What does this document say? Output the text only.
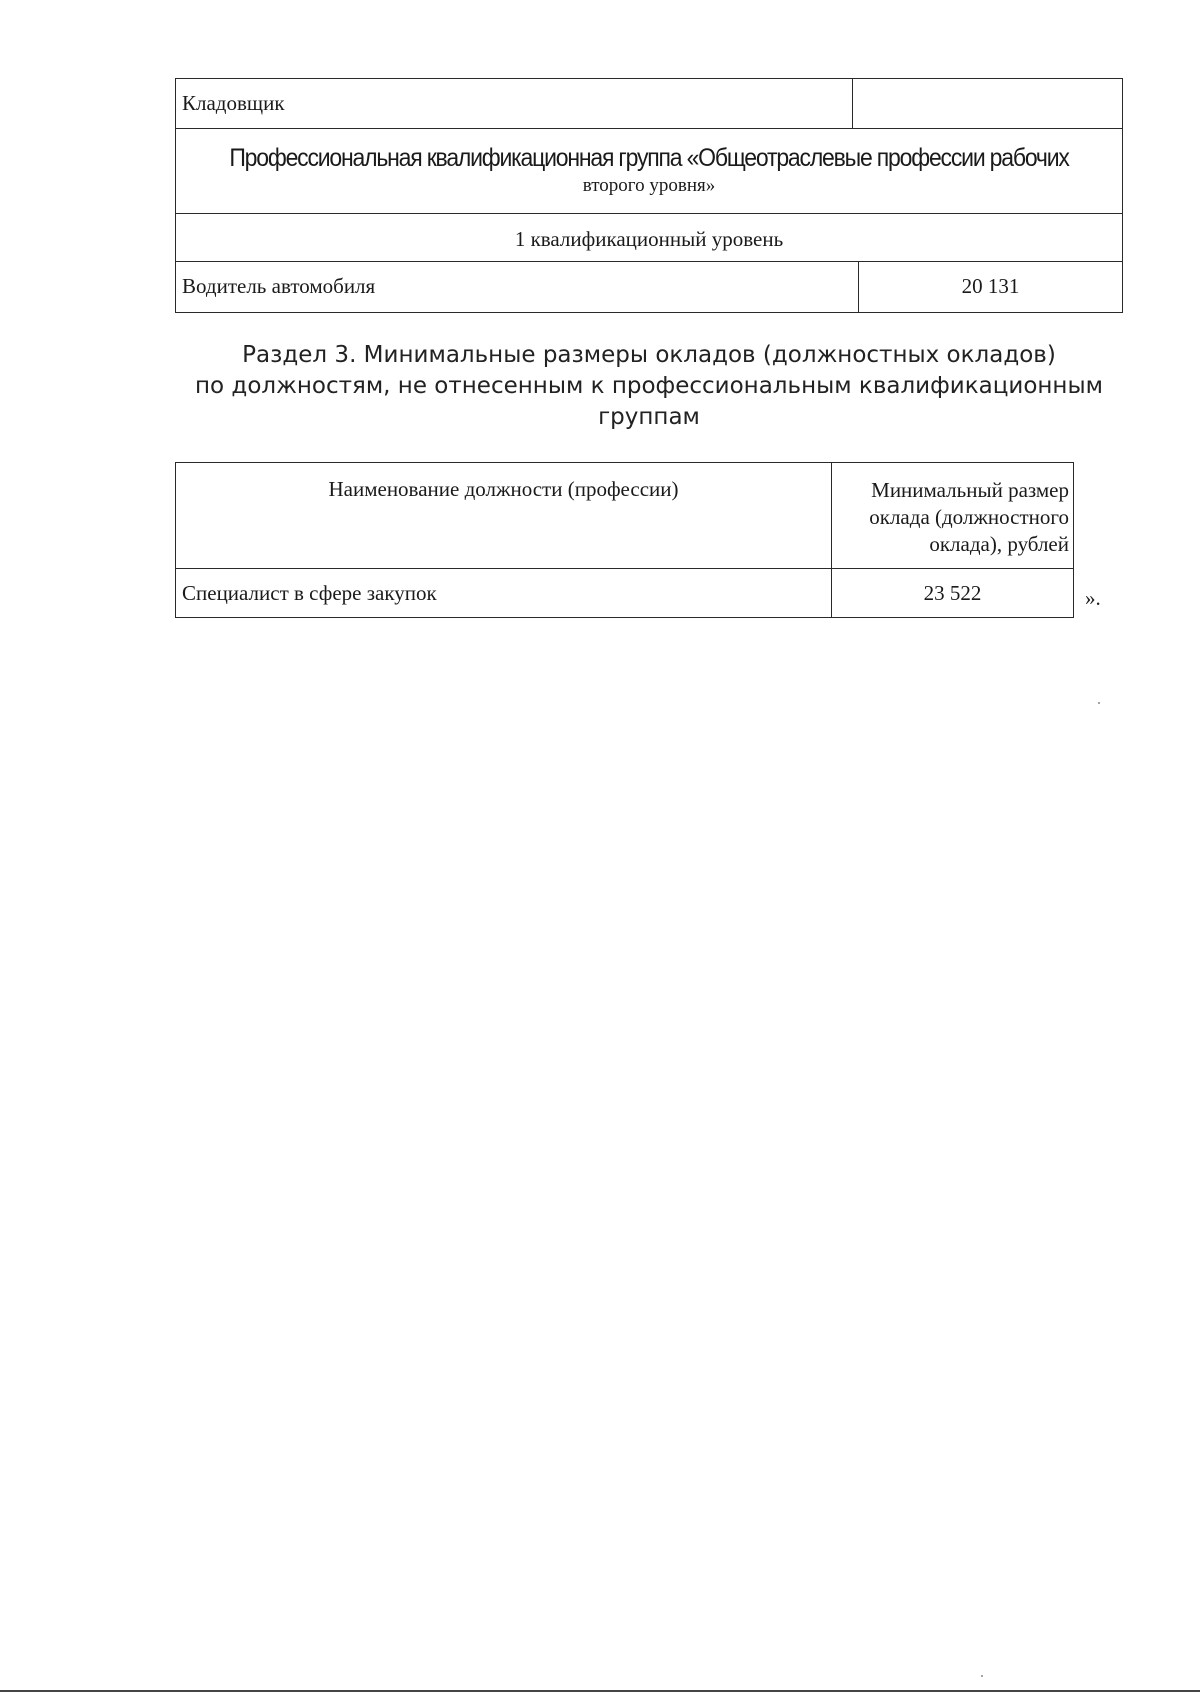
Кладовщик
Профессиональная квалификационная группа «Общеотраслевые профессии рабочих
второго уровня»
1 квалификационный уровень
Водитель автомобиля	20 131
Раздел 3. Минимальные размеры окладов (должностных окладов)
по должностям, не отнесенным к профессиональным квалификационным
группам
Наименование должности (профессии)	Минимальный размер
оклада (должностного
оклада), рублей
Специалист в сфере закупок	23 522	».
